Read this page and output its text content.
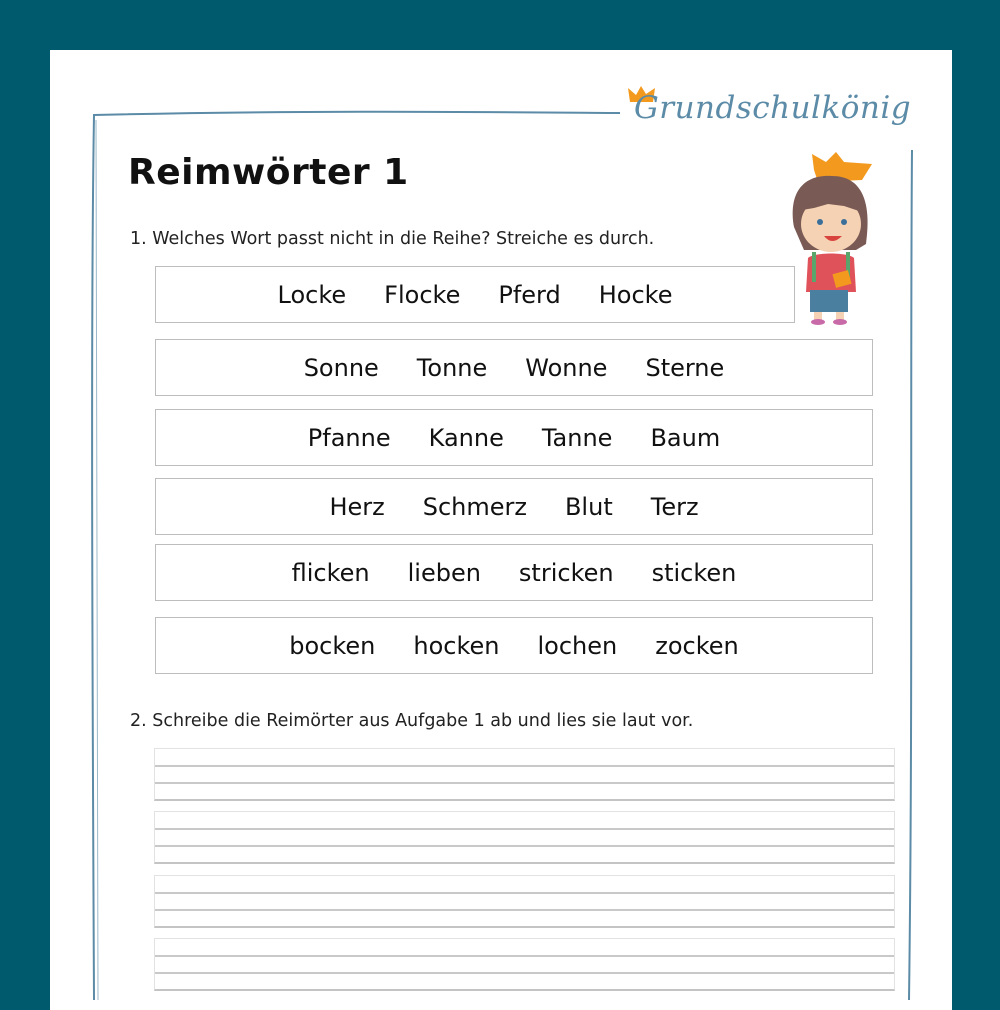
Grundschulkönig
Reimwörter 1
1. Welches Wort passt nicht in die Reihe? Streiche es durch.
Locke Flocke Pferd Hocke
Sonne Tonne Wonne Sterne
Pfanne Kanne Tanne Baum
Herz Schmerz Blut Terz
flicken lieben stricken sticken
bocken hocken lochen zocken
2. Schreibe die Reimörter aus Aufgabe 1 ab und lies sie laut vor.
